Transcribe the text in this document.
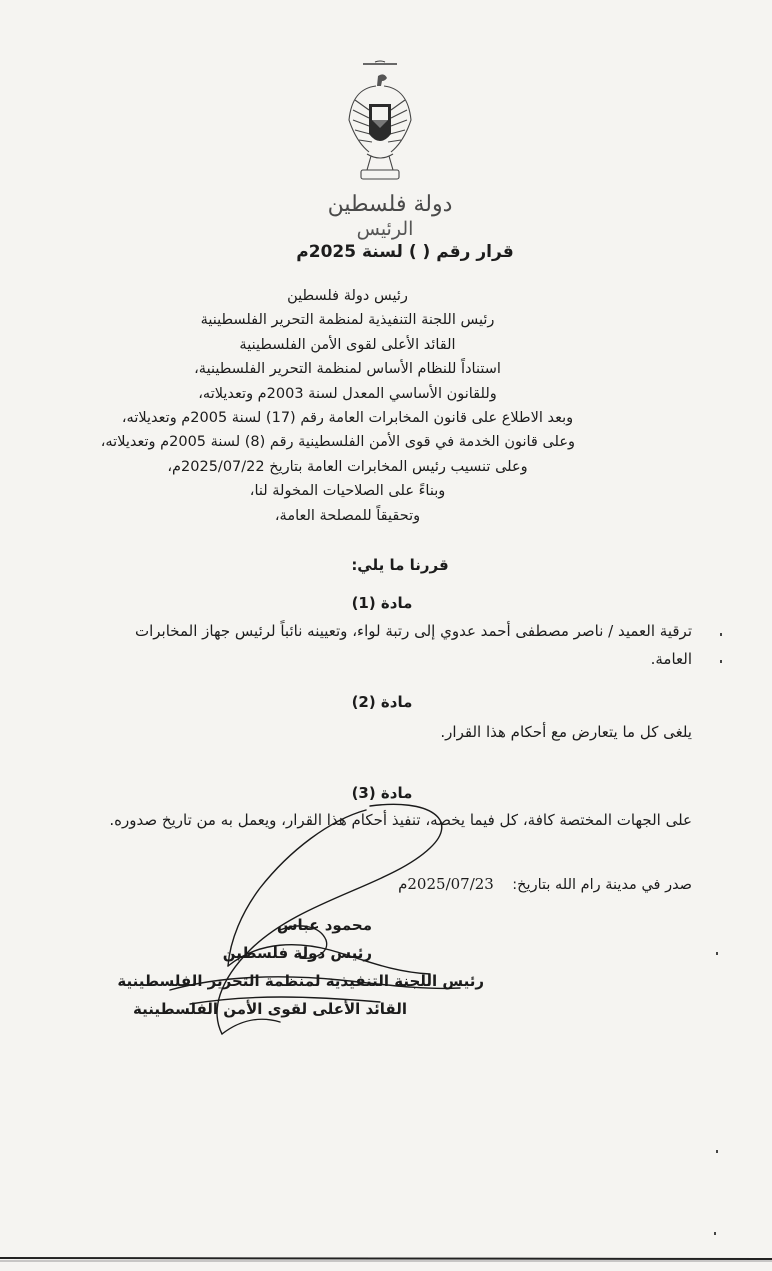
دولة فلسطين
الرئيس
قرار رقم ( ) لسنة 2025م
رئيس دولة فلسطين
رئيس اللجنة التنفيذية لمنظمة التحرير الفلسطينية
القائد الأعلى لقوى الأمن الفلسطينية
استناداً للنظام الأساس لمنظمة التحرير الفلسطينية،
وللقانون الأساسي المعدل لسنة 2003م وتعديلاته،
وبعد الاطلاع على قانون المخابرات العامة رقم (17) لسنة 2005م وتعديلاته،
وعلى قانون الخدمة في قوى الأمن الفلسطينية رقم (8) لسنة 2005م وتعديلاته،
وعلى تنسيب رئيس المخابرات العامة بتاريخ 2025/07/22م،
وبناءً على الصلاحيات المخولة لنا،
وتحقيقاً للمصلحة العامة،
قررنا ما يلي:
مادة (1)
ترقية العميد / ناصر مصطفى أحمد عدوي إلى رتبة لواء، وتعيينه نائباً لرئيس جهاز المخابرات العامة.
مادة (2)
يلغى كل ما يتعارض مع أحكام هذا القرار.
مادة (3)
على الجهات المختصة كافة، كل فيما يخصه، تنفيذ أحكام هذا القرار، ويعمل به من تاريخ صدوره.
صدر في مدينة رام الله بتاريخ:    2025/07/23م
محمود عباس
رئيس دولة فلسطين
رئيس اللجنة التنفيذية لمنظمة التحرير الفلسطينية
القائد الأعلى لقوى الأمن الفلسطينية
